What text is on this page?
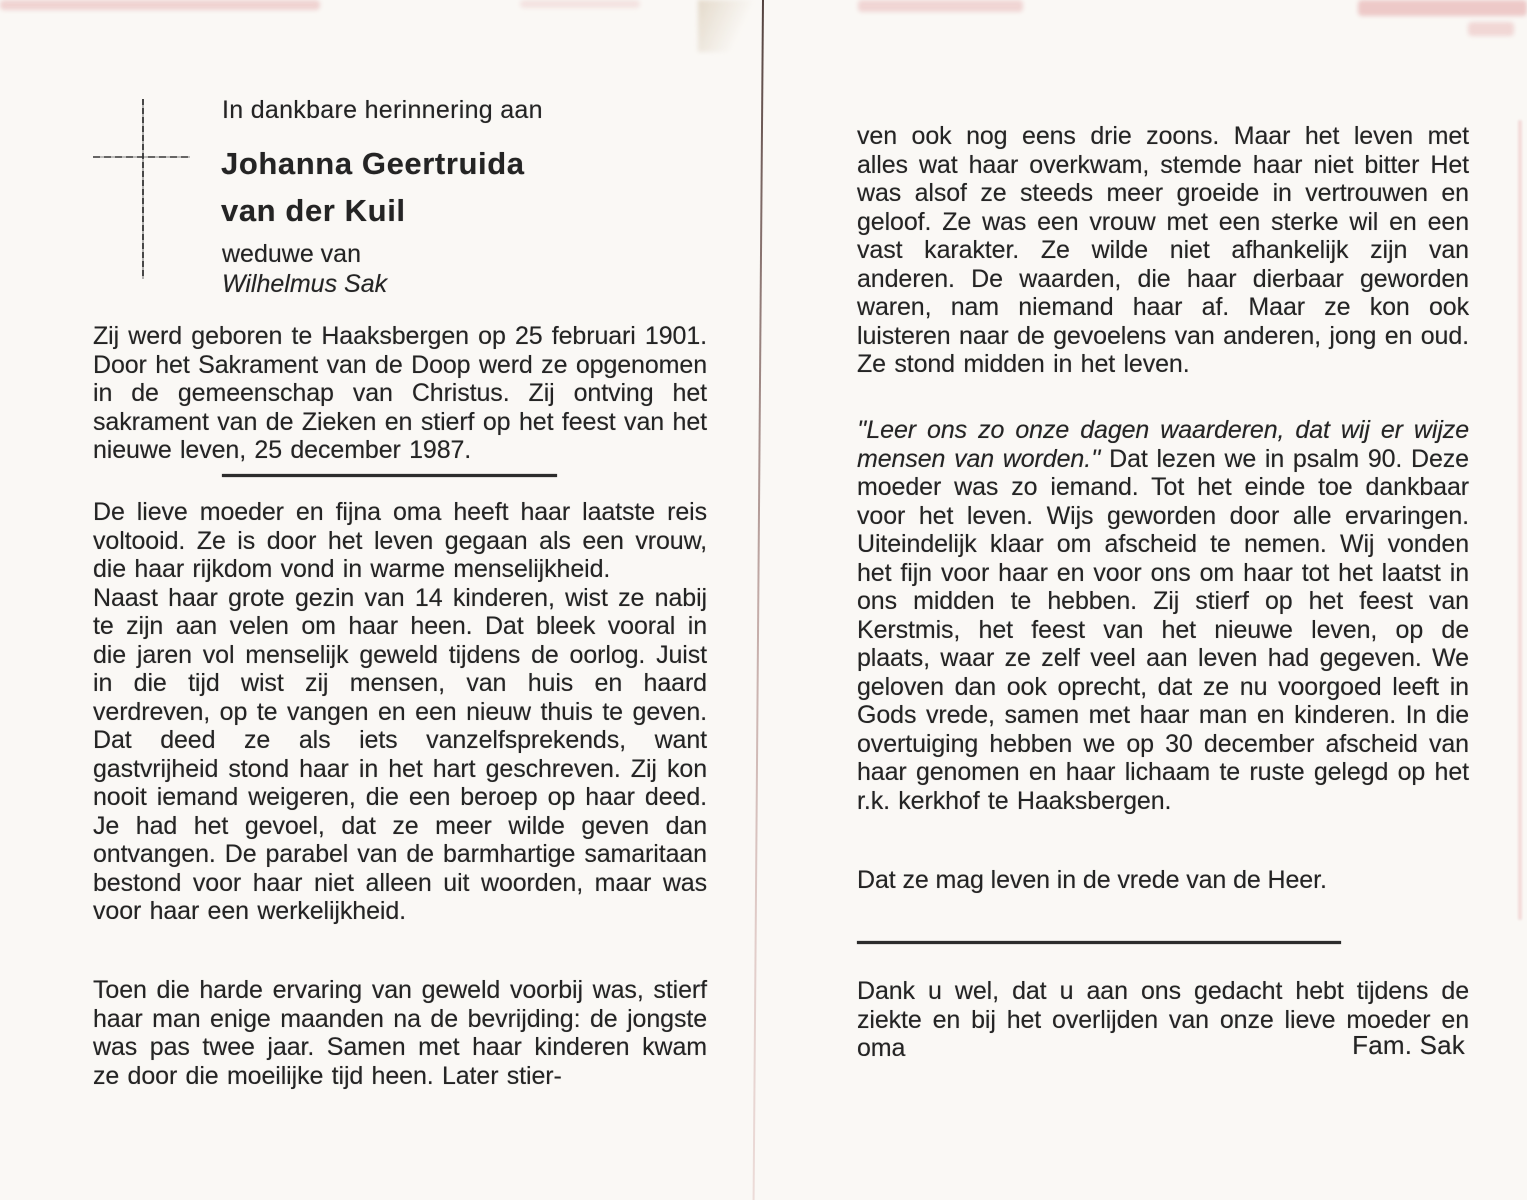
In dankbare herinnering aan
Johanna Geertruida
van der Kuil
weduwe van
Wilhelmus Sak

Zij werd geboren te Haaksbergen op 25 februari 1901. Door het Sakrament van de Doop werd ze opgenomen in de gemeenschap van Christus. Zij ontving het sakrament van de Zieken en stierf op het feest van het nieuwe leven, 25 december 1987.

De lieve moeder en fijna oma heeft haar laatste reis voltooid. Ze is door het leven gegaan als een vrouw, die haar rijkdom vond in warme menselijkheid.
Naast haar grote gezin van 14 kinderen, wist ze nabij te zijn aan velen om haar heen. Dat bleek vooral in die jaren vol menselijk geweld tijdens de oorlog. Juist in die tijd wist zij mensen, van huis en haard verdreven, op te vangen en een nieuw thuis te geven. Dat deed ze als iets vanzelfsprekends, want gastvrijheid stond haar in het hart geschreven. Zij kon nooit iemand weigeren, die een beroep op haar deed. Je had het gevoel, dat ze meer wilde geven dan ontvangen. De parabel van de barmhartige samaritaan bestond voor haar niet alleen uit woorden, maar was voor haar een werkelijkheid.

Toen die harde ervaring van geweld voorbij was, stierf haar man enige maanden na de bevrijding: de jongste was pas twee jaar. Samen met haar kinderen kwam ze door die moeilijke tijd heen. Later stier-

ven ook nog eens drie zoons. Maar het leven met alles wat haar overkwam, stemde haar niet bitter Het was alsof ze steeds meer groeide in vertrouwen en geloof. Ze was een vrouw met een sterke wil en een vast karakter. Ze wilde niet afhankelijk zijn van anderen. De waarden, die haar dierbaar geworden waren, nam niemand haar af. Maar ze kon ook luisteren naar de gevoelens van anderen, jong en oud. Ze stond midden in het leven.

''Leer ons zo onze dagen waarderen, dat wij er wijze mensen van worden.'' Dat lezen we in psalm 90. Deze moeder was zo iemand. Tot het einde toe dankbaar voor het leven. Wijs geworden door alle ervaringen. Uiteindelijk klaar om afscheid te nemen. Wij vonden het fijn voor haar en voor ons om haar tot het laatst in ons midden te hebben. Zij stierf op het feest van Kerstmis, het feest van het nieuwe leven, op de plaats, waar ze zelf veel aan leven had gegeven. We geloven dan ook oprecht, dat ze nu voorgoed leeft in Gods vrede, samen met haar man en kinderen. In die overtuiging hebben we op 30 december afscheid van haar genomen en haar lichaam te ruste gelegd op het r.k. kerkhof te Haaksbergen.

Dat ze mag leven in de vrede van de Heer.

Dank u wel, dat u aan ons gedacht hebt tijdens de ziekte en bij het overlijden van onze lieve moeder en oma	Fam. Sak
